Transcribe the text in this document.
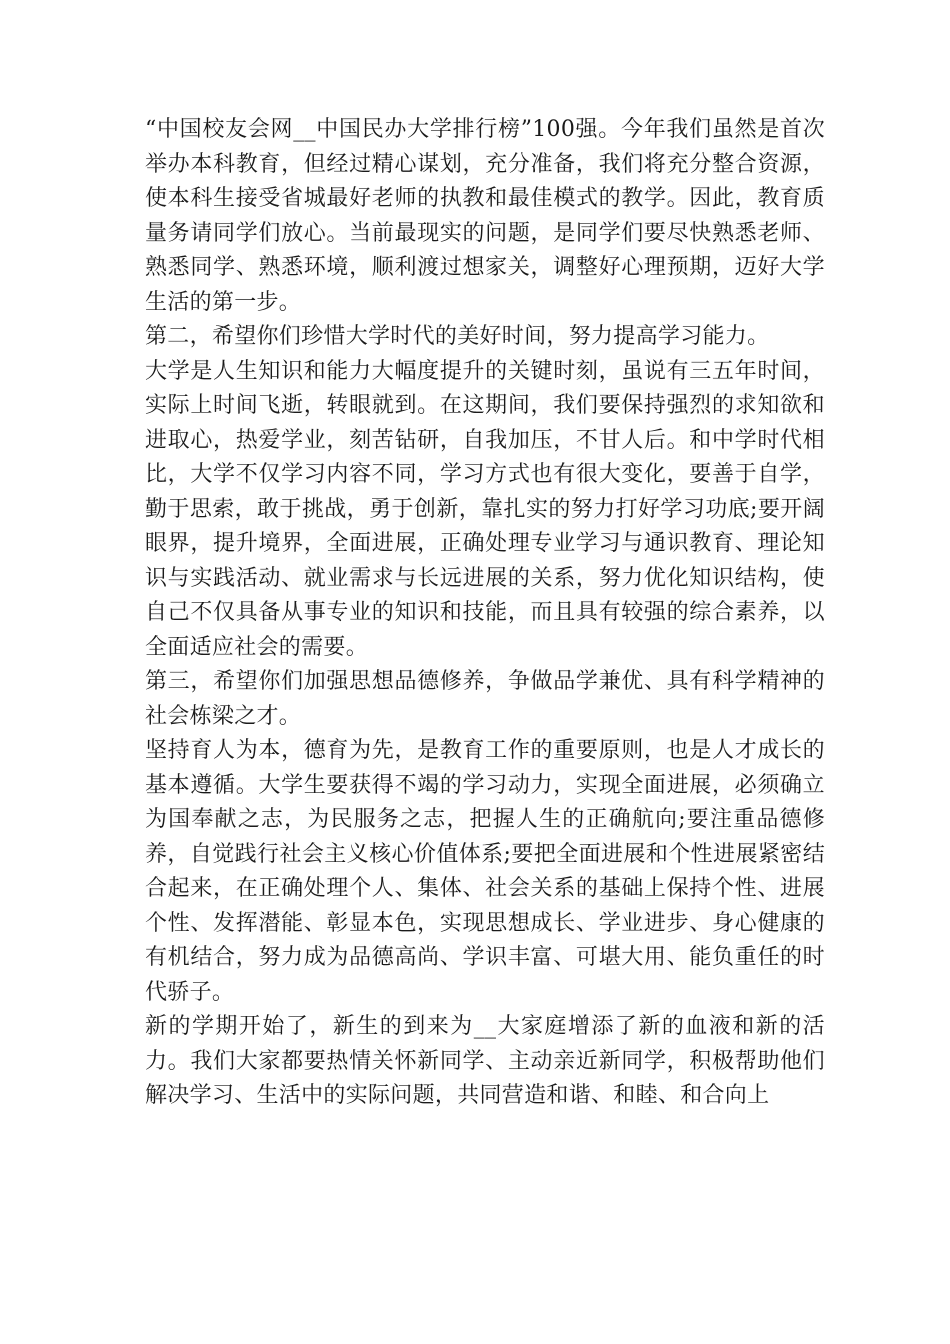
“中国校友会网__中国民办大学排行榜”100强。今年我们虽然是首次举办本科教育，但经过精心谋划，充分准备，我们将充分整合资源，使本科生接受省城最好老师的执教和最佳模式的教学。因此，教育质量务请同学们放心。当前最现实的问题，是同学们要尽快熟悉老师、熟悉同学、熟悉环境，顺利渡过想家关，调整好心理预期，迈好大学生活的第一步。

第二，希望你们珍惜大学时代的美好时间，努力提高学习能力。

大学是人生知识和能力大幅度提升的关键时刻，虽说有三五年时间，实际上时间飞逝，转眼就到。在这期间，我们要保持强烈的求知欲和进取心，热爱学业，刻苦钻研，自我加压，不甘人后。和中学时代相比，大学不仅学习内容不同，学习方式也有很大变化，要善于自学，勤于思索，敢于挑战，勇于创新，靠扎实的努力打好学习功底;要开阔眼界，提升境界，全面进展，正确处理专业学习与通识教育、理论知识与实践活动、就业需求与长远进展的关系，努力优化知识结构，使自己不仅具备从事专业的知识和技能，而且具有较强的综合素养，以全面适应社会的需要。

第三，希望你们加强思想品德修养，争做品学兼优、具有科学精神的社会栋梁之才。

坚持育人为本，德育为先，是教育工作的重要原则，也是人才成长的基本遵循。大学生要获得不竭的学习动力，实现全面进展，必须确立为国奉献之志，为民服务之志，把握人生的正确航向;要注重品德修养，自觉践行社会主义核心价值体系;要把全面进展和个性进展紧密结合起来，在正确处理个人、集体、社会关系的基础上保持个性、进展个性、发挥潜能、彰显本色，实现思想成长、学业进步、身心健康的有机结合，努力成为品德高尚、学识丰富、可堪大用、能负重任的时代骄子。

新的学期开始了，新生的到来为__大家庭增添了新的血液和新的活力。我们大家都要热情关怀新同学、主动亲近新同学，积极帮助他们解决学习、生活中的实际问题，共同营造和谐、和睦、和合向上
